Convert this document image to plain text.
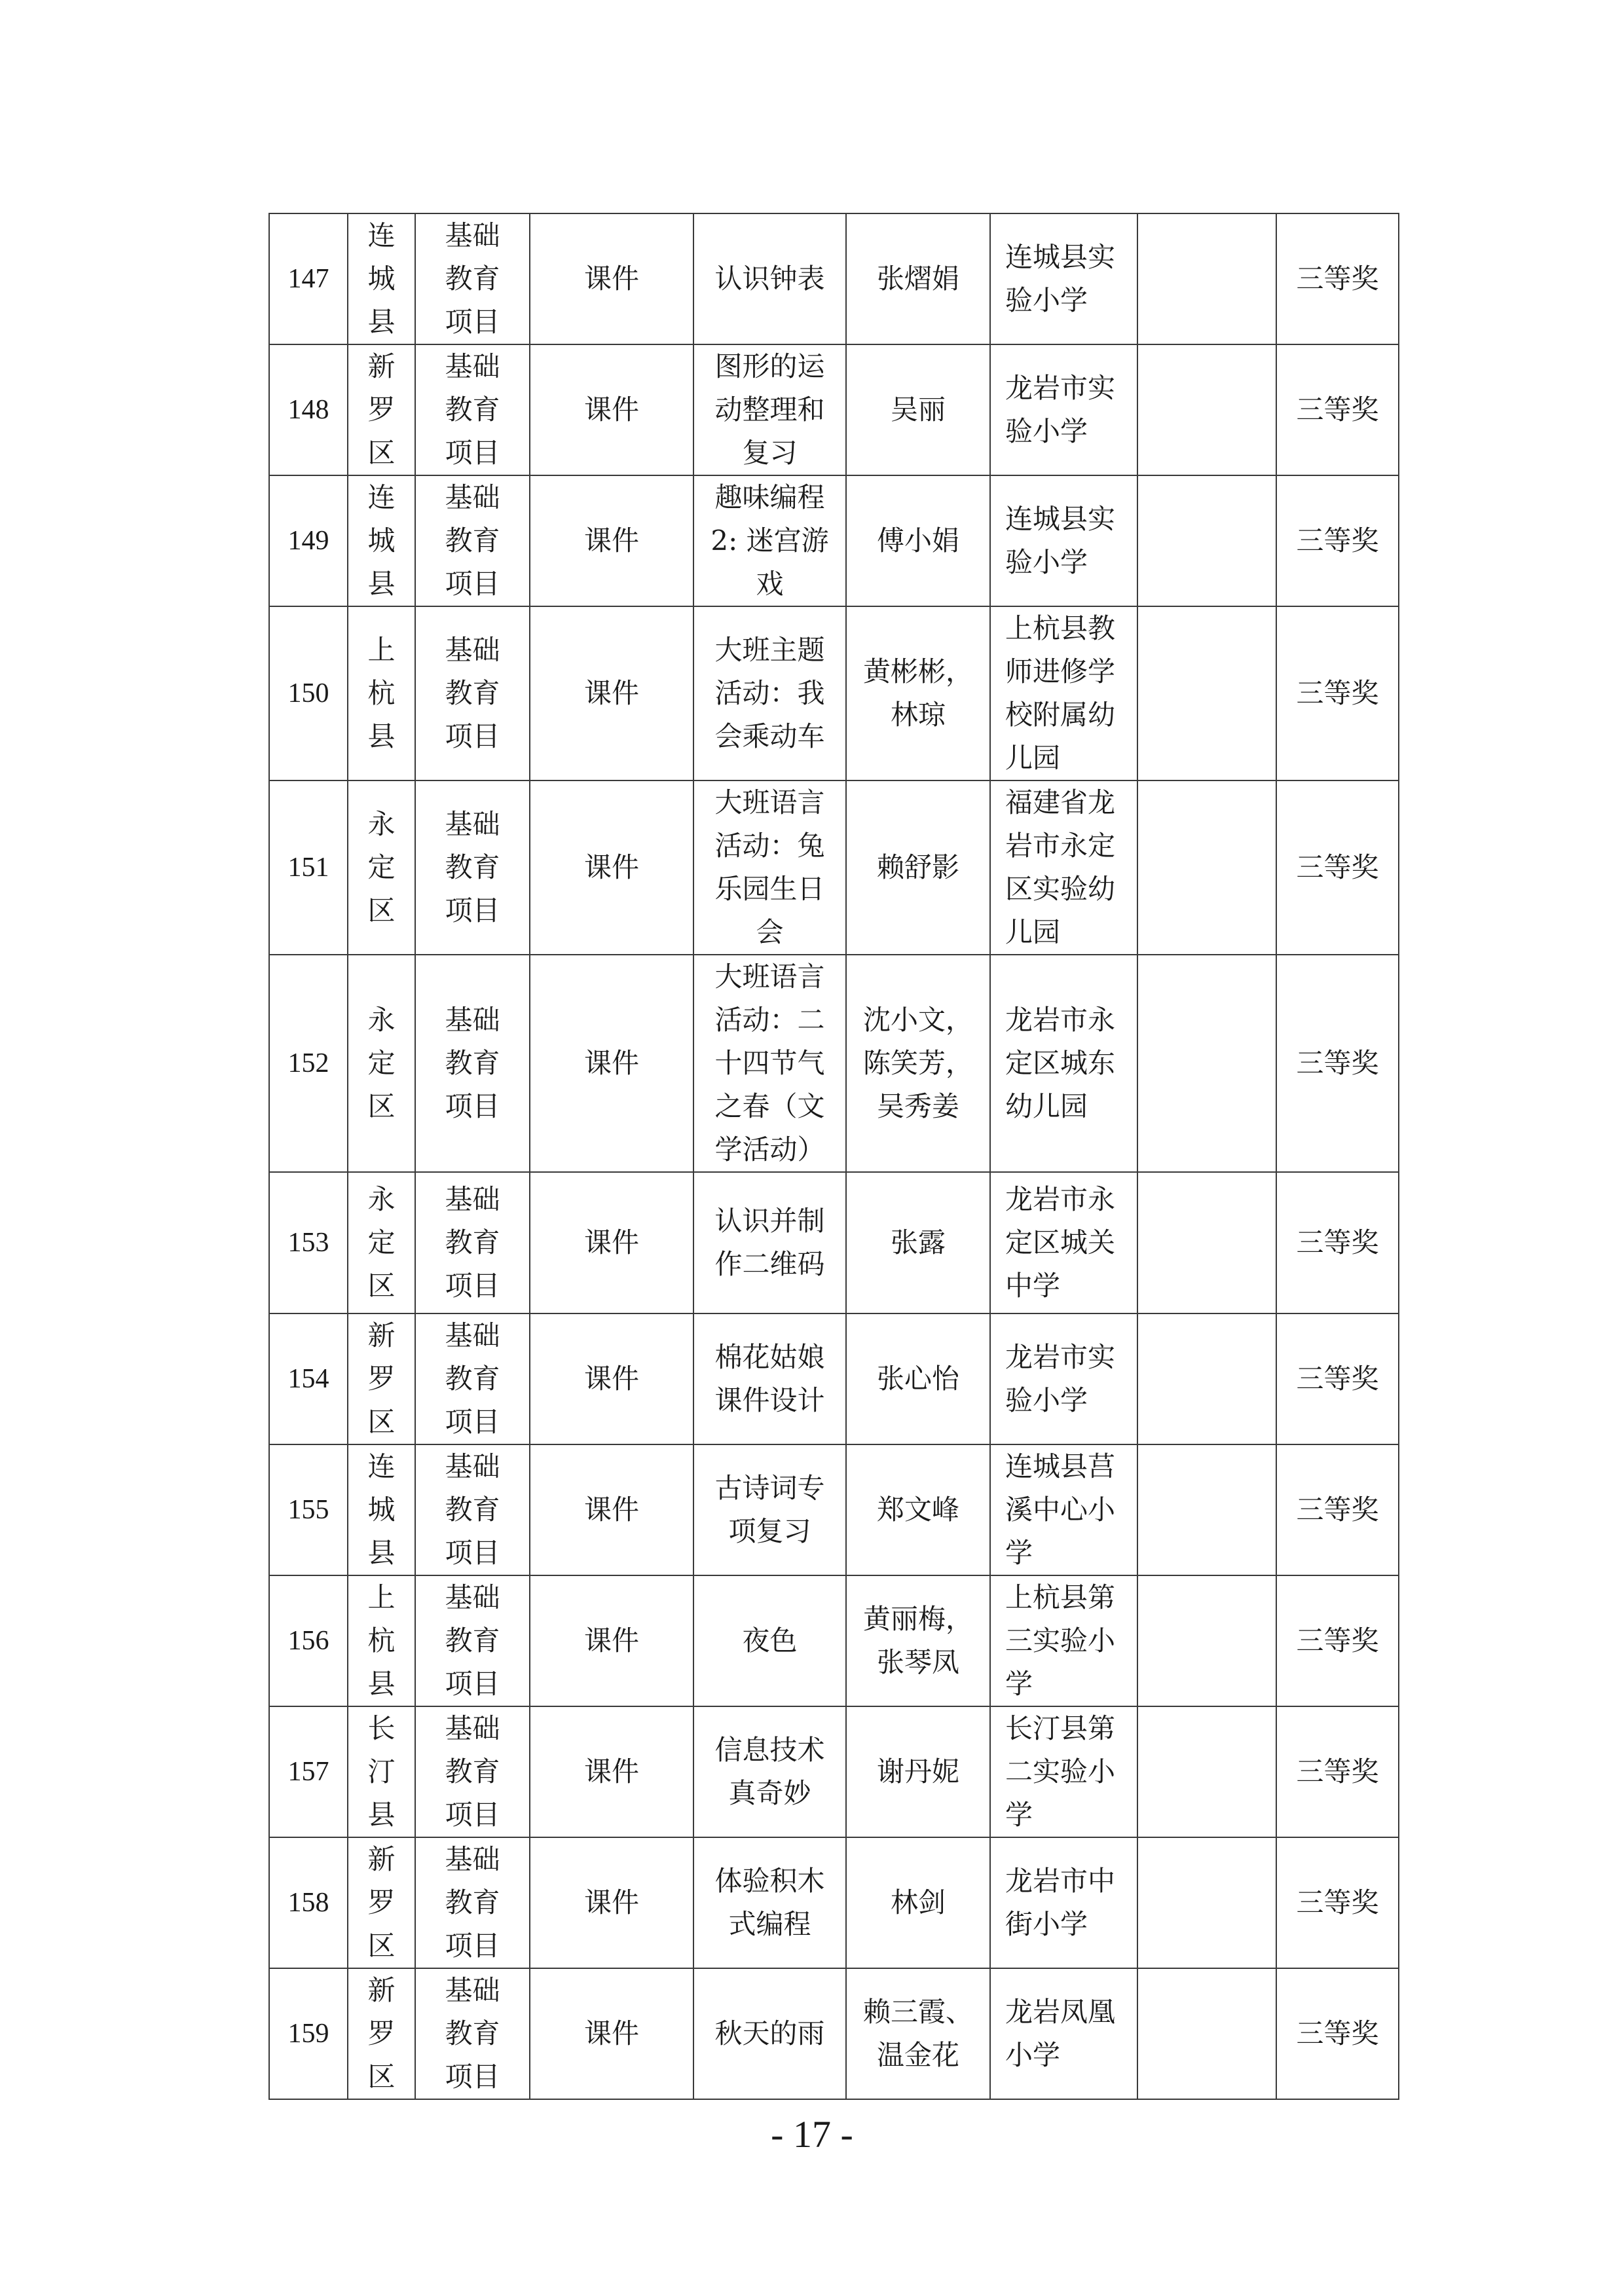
147	连
城
县	基础
教育
项目	课件	认识钟表	张熠娟	连城县实
验小学		三等奖
148	新
罗
区	基础
教育
项目	课件	图形的运
动整理和
复习	吴丽	龙岩市实
验小学		三等奖
149	连
城
县	基础
教育
项目	课件	趣味编程
2: 迷宫游
戏	傅小娟	连城县实
验小学		三等奖
150	上
杭
县	基础
教育
项目	课件	大班主题
活动：我
会乘动车	黄彬彬，
林琼	上杭县教
师进修学
校附属幼
儿园		三等奖
151	永
定
区	基础
教育
项目	课件	大班语言
活动：兔
乐园生日
会	赖舒影	福建省龙
岩市永定
区实验幼
儿园		三等奖
152	永
定
区	基础
教育
项目	课件	大班语言
活动：二
十四节气
之春（文
学活动）	沈小文，
陈笑芳，
吴秀姜	龙岩市永
定区城东
幼儿园		三等奖
153	永
定
区	基础
教育
项目	课件	认识并制
作二维码	张露	龙岩市永
定区城关
中学		三等奖
154	新
罗
区	基础
教育
项目	课件	棉花姑娘
课件设计	张心怡	龙岩市实
验小学		三等奖
155	连
城
县	基础
教育
项目	课件	古诗词专
项复习	郑文峰	连城县莒
溪中心小
学		三等奖
156	上
杭
县	基础
教育
项目	课件	夜色	黄丽梅，
张琴凤	上杭县第
三实验小
学		三等奖
157	长
汀
县	基础
教育
项目	课件	信息技术
真奇妙	谢丹妮	长汀县第
二实验小
学		三等奖
158	新
罗
区	基础
教育
项目	课件	体验积木
式编程	林剑	龙岩市中
街小学		三等奖
159	新
罗
区	基础
教育
项目	课件	秋天的雨	赖三霞、
温金花	龙岩凤凰
小学		三等奖
- 17 -
